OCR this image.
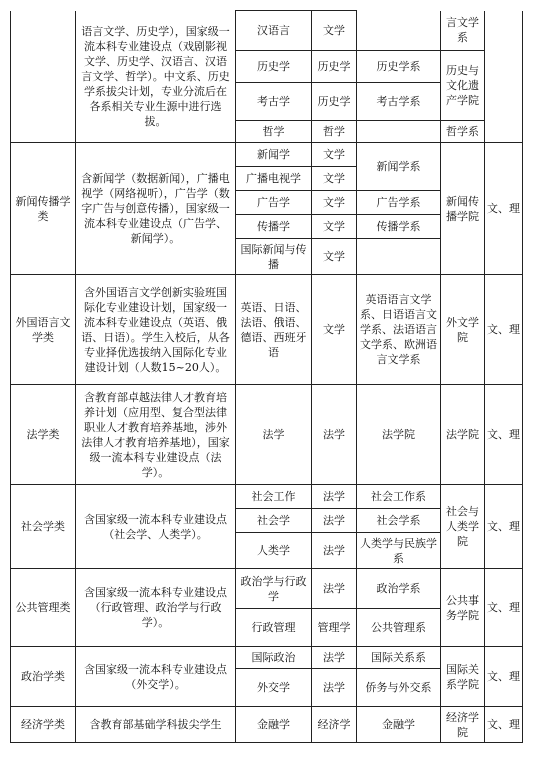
	语言文学、历史学），国家级一流本科专业建设点（戏剧影视文学、历史学、汉语言、汉语言文学、哲学）。中文系、历史学系拔尖计划，专业分流后在各系相关专业生源中进行选拔。	汉语言	文学		言文学系	
		历史学	历史学	历史学系	历史与文化遗产学院	
		考古学	历史学	考古学系		
		哲学	哲学		哲学系	
新闻传播学类	含新闻学（数据新闻），广播电视学（网络视听），广告学（数字广告与创意传播），国家级一流本科专业建设点（广告学、新闻学）。	新闻学	文学	新闻学系	新闻传播学院	文、理
		广播电视学	文学			
		广告学	文学	广告学系		
		传播学	文学	传播学系		
		国际新闻与传播	文学			
外国语言文学类	含外国语言文学创新实验班国际化专业建设计划，国家级一流本科专业建设点（英语、俄语、日语）。学生入校后，从各专业择优选拔纳入国际化专业建设计划（人数15~20人）。	英语、日语、法语、俄语、德语、西班牙语	文学	英语语言文学系、日语语言文学系、法语语言文学系、欧洲语言文学系	外文学院	文、理
法学类	含教育部卓越法律人才教育培养计划（应用型、复合型法律职业人才教育培养基地，涉外法律人才教育培养基地），国家级一流本科专业建设点（法学）。	法学	法学	法学院	法学院	文、理
社会学类	含国家级一流本科专业建设点（社会学、人类学）。	社会工作	法学	社会工作系	社会与人类学院	文、理
		社会学	法学	社会学系		
		人类学	法学	人类学与民族学系		
公共管理类	含国家级一流本科专业建设点（行政管理、政治学与行政学）。	政治学与行政学	法学	政治学系	公共事务学院	文、理
		行政管理	管理学	公共管理系		
政治学类	含国家级一流本科专业建设点（外交学）。	国际政治	法学	国际关系系	国际关系学院	文、理
		外交学	法学	侨务与外交系		
经济学类	含教育部基础学科拔尖学生	金融学	经济学	金融学	经济学院	文、理
